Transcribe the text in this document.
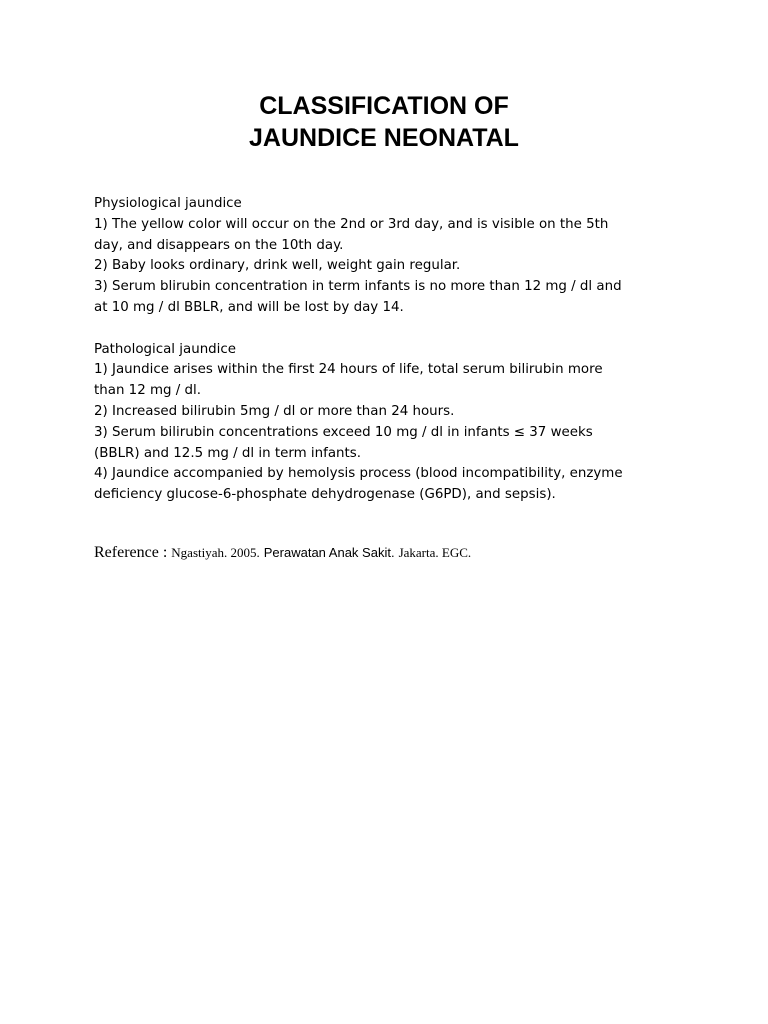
CLASSIFICATION OF
JAUNDICE NEONATAL
Physiological jaundice
1) The yellow color will occur on the 2nd or 3rd day, and is visible on the 5th
day, and disappears on the 10th day.
2) Baby looks ordinary, drink well, weight gain regular.
3) Serum blirubin concentration in term infants is no more than 12 mg / dl and
at 10 mg / dl BBLR, and will be lost by day 14.
Pathological jaundice
1) Jaundice arises within the first 24 hours of life, total serum bilirubin more
than 12 mg / dl.
2) Increased bilirubin 5mg / dl or more than 24 hours.
3) Serum bilirubin concentrations exceed 10 mg / dl in infants ≤ 37 weeks
(BBLR) and 12.5 mg / dl in term infants.
4) Jaundice accompanied by hemolysis process (blood incompatibility, enzyme
deficiency glucose-6-phosphate dehydrogenase (G6PD), and sepsis).
Reference : Ngastiyah. 2005. Perawatan Anak Sakit. Jakarta. EGC.
